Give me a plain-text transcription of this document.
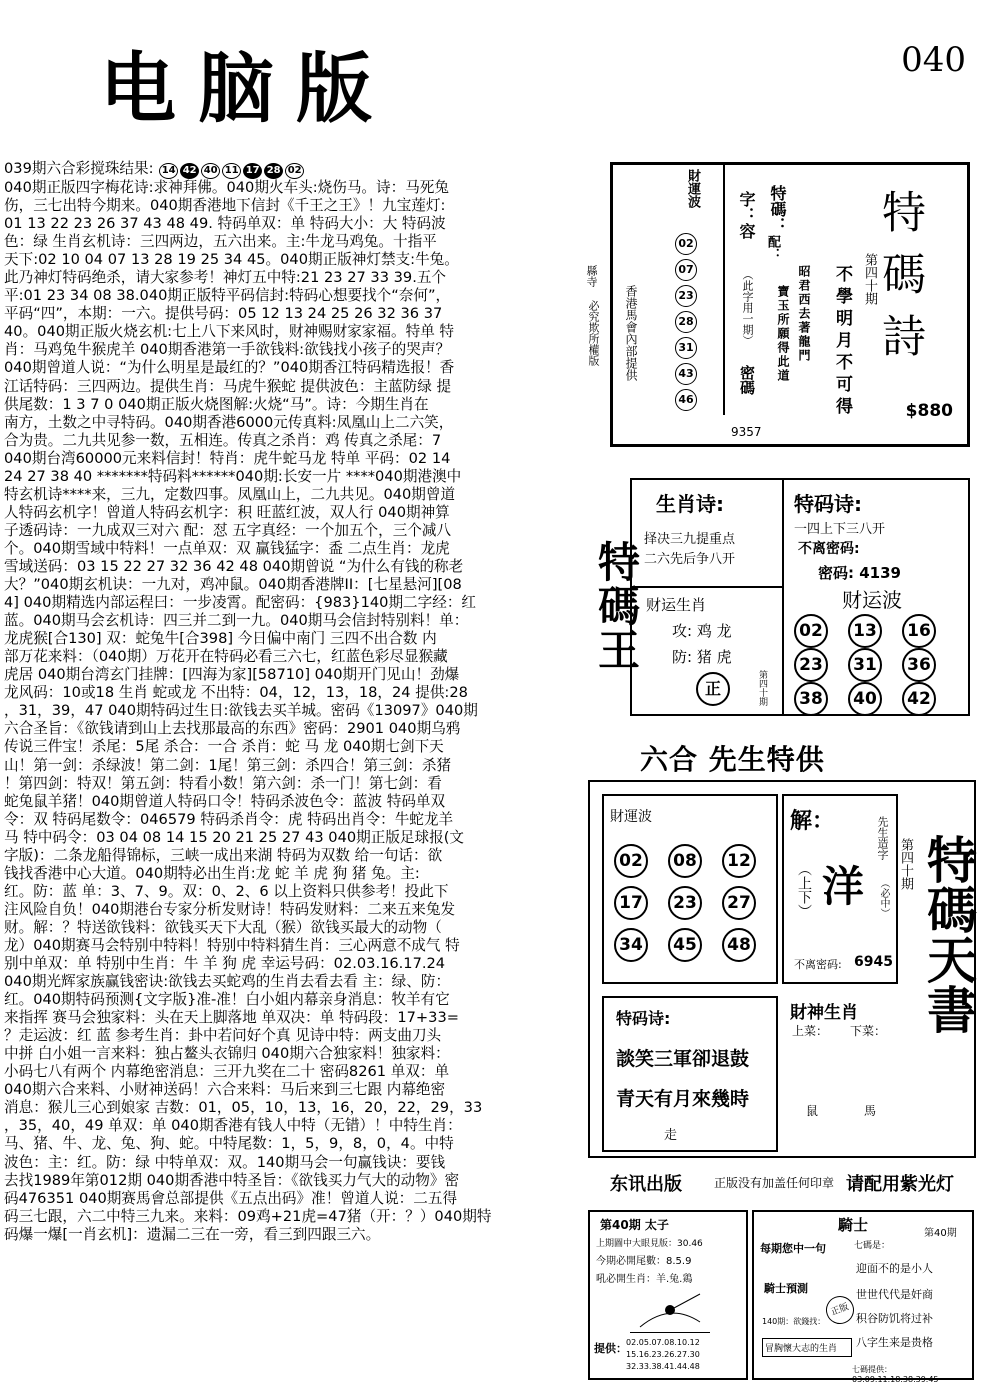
电脑版	040
039期六合彩搅珠结果: 14 42 40 11 17 28 02
040期正版四字梅花诗:求神拜佛。040期火车头:烧伤马。诗：马死兔
伤，三七出特今期来。040期香港地下信封《千王之王》！九宝莲灯:
01 13 22 23 26 37 43 48 49. 特码单双：单 特码大小：大 特码波
色：绿 生肖玄机诗：三四两边，五六出来。主:牛龙马鸡兔。十指平
天下:02 10 04 07 13 28 19 25 34 45。040期正版神灯禁支:牛兔。
此乃神灯特码绝杀，请大家参考！神灯五中特:21 23 27 33 39.五个
平:01 23 34 08 38.040期正版特平码信封:特码心想要找个“奈何”，
平码“四”，本期：一六。提供号码：05 12 13 24 25 26 32 36 37
40。040期正版火烧玄机:七上八下来风时，财神赐财家家福。特单 特
肖：马鸡兔牛猴虎羊 040期香港第一手欲钱料:欲钱找小孩子的哭声？
040期曾道人说：“为什么明星是最红的？”040期香江特码精选报！香
江话特码：三四两边。提供生肖：马虎牛猴蛇 提供波色：主蓝防绿 提
供尾数：1 3 7 0 040期正版火烧图解:火烧“马”。诗：今期生肖在
南方，土数之中寻特码。040期香港6000元传真料:凤凰山上二六笑，
合为贵。二九共见参一数，五相连。传真之杀肖：鸡 传真之杀尾：7
040期台湾60000元来料信封！特肖：虎牛蛇马龙 特单 平码：02 14
24 27 38 40 *******特码料******040期:长安一片 ****040期港澳中
特玄机诗****来，三九，定数四事。凤凰山上，二九共见。040期曾道
人特码玄机字！曾道人特码玄机字：积 旺蓝红波，双人行 040期神算
子透码诗：一九成双三对六 配：怼 五字真经：一个加五个，三个减八
个。040期雪域中特料！一点单双：双 赢钱猛字：盉 二点生肖：龙虎
雪域送码：03 15 22 27 32 36 42 48 040期曾说 “为什么有钱的称老
大？”040期玄机诀：一九对，鸡冲鼠。040期香港牌II：[七星悬河][08
4] 040期精选内部运程曰：一步凌霄。配密码：{983}140期二字经：红
蓝。040期马会玄机诗：四三并二到一九。040期马会信封特别料！单：
龙虎猴[合130] 双：蛇兔牛[合398] 今日偏中南门 三四不出合数 内
部万花来料：（040期）万花开在特码必看三六七，红蓝色彩尽显猴藏
虎居 040期台湾玄门挂牌：[四海为家][58710] 040期开门见山！劲爆
龙风码：10或18 生肖 蛇或龙 不出特：04，12，13，18，24 提供:28
，31，39，47 040期特码过生日:欲钱去买羊城。密码《13097》040期
六合圣旨：《欲钱请到山上去找那最高的东西》密码：2901 040期乌鸦
传说三件宝！杀尾：5尾 杀合：一合 杀肖：蛇 马 龙 040期七剑下天
山！第一剑：杀绿波！第二剑：1尾！第三剑：杀四合！第三剑：杀猪
！第四剑：特双！第五剑：特看小数！第六剑：杀一门！第七剑：看
蛇兔鼠羊猪！040期曾道人特码口令！特码杀波色令：蓝波 特码单双
令：双 特码尾数令：046579 特码杀肖令：虎 特码出肖令：牛蛇龙羊
马 特中码令：03 04 08 14 15 20 21 25 27 43 040期正版足球报(文
字版)：二条龙船得锦标，三峡一成出来湖 特码为双数 给一句话：欲
钱找香港中心大道。040期特必出生肖:龙 蛇 羊 虎 狗 猪 兔。主:
红。防：蓝 单：3、7、9。双：0、2、6 以上资料只供参考！投此下
注风险自负！040期港台专家分析发财诗！特码发财料：二来五来兔发
财。解：？特送欲钱料：欲钱买天下大乱（猴）欲钱买最大的动物（
龙）040期赛马会特别中特料！特别中特料猜生肖：三心两意不成气 特
别中单双：单 特别中生肖：牛 羊 狗 虎 幸运号码：02.03.16.17.24
040期光辉家族赢钱密诀:欲钱去买蛇鸡的生肖去看去看 主：绿、防：
红。040期特码预测{文字版}准-准！白小姐内幕亲身消息：牧羊有它
来指挥 赛马会独家料：头在天上脚落地 单双决：单 特码段：17+33=
？走运波：红 蓝 参考生肖：卦中若问好个真 见诗中特：两支曲刀头
中拼 白小姐一言来料：独占鳌头衣锦归 040期六合独家料！独家料：
小码七八有两个 内幕绝密消息：三开九奖在二十 密码8261 单双：单
040期六合来料、小财神送码！六合来料：马后来到三七跟 内幕绝密
消息：猴儿三心到娘家 吉数：01，05，10，13，16，20，22，29，33
，35，40，49 单双：单 040期香港有钱人中特（无错）！中特生肖：
马、猪、牛、龙、兔、狗、蛇。中特尾数：1，5，9，8，0，4。中特
波色：主：红。防：绿 中特单双：双。140期马会一句赢钱诀：要钱
去找1989年第012期 040期香港中特圣旨：《欲钱买力气大的动物》密
码476351 040期赛馬會总部提供《五点出码》准！曾道人说：二五得
码三七跟，六二中特三九来。来料：09鸡+21虎=47猪（开：？）040期特
码爆一爆[一肖玄机]：遗漏二三在一旁，看三到四跟三六。
縣寺
必究欺所權版	特碼詩
第四十期
$880
不學明月不可得
特碼：
昭君西去著龍門
配：
寶玉所願得此道
財運波
02 07 23 28 31 43 46
香港馬會內部提供
字：容
（此字用一期）
密碼
9357
特碼王
生肖诗:
择决三九提重点
二六先后争八开
特码诗:
一四上下三八开
不离密码:
密码: 4139
财运生肖
攻: 鸡 龙
防: 猪 虎
正	第四十期
财运波
02 13 16
23 31 36
38 40 42
六合 先生特供
財運波
02 08 12
17 23 27
34 45 48
解：
（上下） 洋
先生造字
（必中）
不离密码: 6945
特码诗:
談笑三軍卻退鼓
青天有月來幾時
走
財神生肖
上菜： 下菜：
鼠	馬
特碼天書
第四十期
东讯出版	正版没有加盖任何印章 请配用紫光灯
第40期 太子
上期圖中大眼見版：30.46
今期必開尾數：8.5.9
吼必開生肖：羊.兔.鶏
提供： 02.05.07.08.10.12
15.16.23.26.27.30
32.33.38.41.44.48
騎士	第40期
每期您中一句
騎士預測
140期：欲錢找：
冒胸懷大志的生肖
正版
七碼是：
迎面不的是小人
世世代代是奸商
积谷防饥将过补
八字生来是贵格
七碼提供：03.09.11.18.38.39.45
